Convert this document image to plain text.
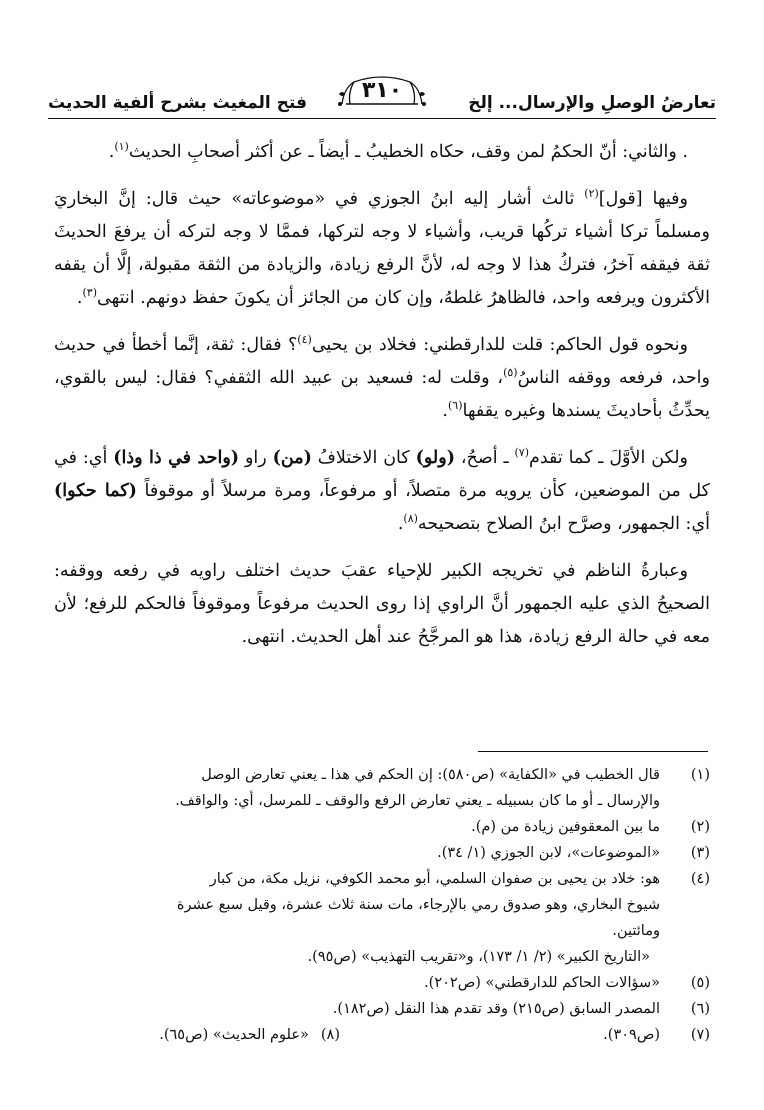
تعارضُ الوصلِ والإرسال... إلخ
٣١٠
فتح المغيث بشرح ألفية الحديث

. والثاني: أنّ الحكمُ لمن وقف، حكاه الخطيبُ ـ أيضاً ـ عن أكثر أصحابِ الحديث$^{(١)}$.

وفيها [قول]$^{(٢)}$ ثالث أشار إليه ابنُ الجوزي في «موضوعاته» حيث قال: إنَّ البخاريَ ومسلماً تركا أشياء تركُها قريب، وأشياء لا وجه لتركها، فممَّا لا وجه لتركه أن يرفعَ الحديثَ ثقة فيقفه آخرُ، فتركُ هذا لا وجه له، لأنَّ الرفع زيادة، والزيادة من الثقة مقبولة، إلَّا أن يقفه الأكثرون ويرفعه واحد، فالظاهرُ غلطهُ، وإن كان من الجائز أن يكونَ حفظ دونهم. انتهى$^{(٣)}$.

ونحوه قول الحاكم: قلت للدارقطني: فخلاد بن يحيى$^{(٤)}$؟ فقال: ثقة، إنَّما أخطأ في حديث واحد، فرفعه ووقفه الناسُ$^{(٥)}$، وقلت له: فسعيد بن عبيد الله الثقفي؟ فقال: ليس بالقوي، يحدِّثُ بأحاديثَ يسندها وغيره يقفها$^{(٦)}$.

ولكن الأوَّلَ ـ كما تقدم$^{(٧)}$ ـ أصحُ، (ولو) كان الاختلافُ (من) راو (واحد في ذا وذا) أي: في كل من الموضعين، كأن يرويه مرة متصلاً، أو مرفوعاً، ومرة مرسلاً أو موقوفاً (كما حكوا) أي: الجمهور، وصرَّح ابنُ الصلاح بتصحيحه$^{(٨)}$.

وعبارةُ الناظم في تخريجه الكبير للإحياء عقبَ حديث اختلف راويه في رفعه ووقفه: الصحيحُ الذي عليه الجمهور أنَّ الراوي إذا روى الحديث مرفوعاً وموقوفاً فالحكم للرفع؛ لأن معه في حالة الرفع زيادة، هذا هو المرجَّحُ عند أهل الحديث. انتهى.

(١)
قال الخطيب في «الكفاية» (ص٥٨٠): إن الحكم في هذا ـ يعني تعارض الوصل
والإرسال ـ أو ما كان بسبيله ـ يعني تعارض الرفع والوقف ـ للمرسل، أي: والواقف.
(٢)
ما بين المعقوفين زيادة من (م).
(٣)
«الموضوعات»، لابن الجوزي (١/ ٣٤).
(٤)
هو: خلاد بن يحيى بن صفوان السلمي، أبو محمد الكوفي، نزيل مكة، من كبار
شيوخ البخاري، وهو صدوق رمي بالإرجاء، مات سنة ثلاث عشرة، وقيل سبع عشرة
ومائتين.
«التاريخ الكبير» (٢/ ١/ ١٧٣)، و«تقريب التهذيب» (ص٩٥).
(٥)
«سؤالات الحاكم للدارقطني» (ص٢٠٢).
(٦)
المصدر السابق (ص٢١٥) وقد تقدم هذا النقل (ص١٨٢).
(٧)
(ص٣٠٩).
(٨)
«علوم الحديث» (ص٦٥).
